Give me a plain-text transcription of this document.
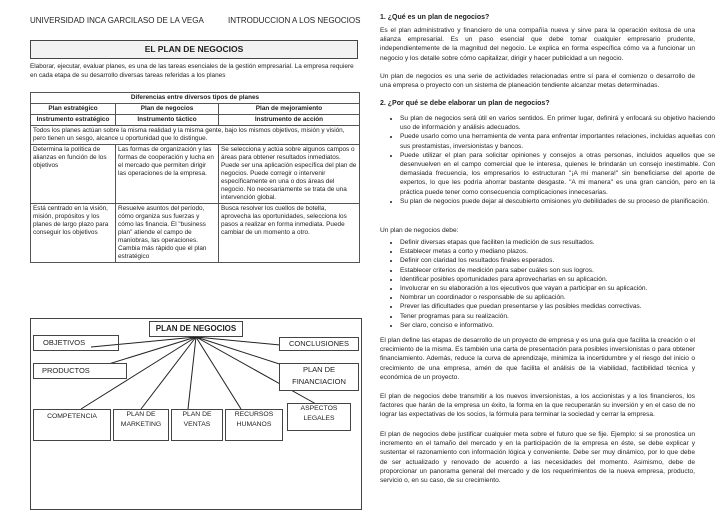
UNIVERSIDAD INCA GARCILASO DE LA VEGA	INTRODUCCION A LOS NEGOCIOS
EL PLAN DE NEGOCIOS
Elaborar, ejecutar, evaluar planes, es una de las tareas esenciales de la gestión empresarial. La empresa requiere en cada etapa de su desarrollo diversas tareas referidas a los planes
Diferencias entre diversos tipos de planes		
Plan estratégico	Plan de negocios	Plan de mejoramiento
Instrumento estratégico	Instrumento táctico	Instrumento de acción
Todos los planes actúan sobre la misma realidad y la misma gente, bajo los mismos objetivos, misión y visión, pero tienen un sesgo, alcance u oportunidad que lo distingue.		
Determina la política de alianzas en función de los objetivos	Las formas de organización y las formas de cooperación y lucha en el mercado que permiten dirigir las operaciones de la empresa.	Se selecciona y actúa sobre algunos campos o áreas para obtener resultados inmediatos. Puede ser una aplicación específica del plan de negocios. Puede corregir o intervenir específicamente en una o dos áreas del negocio. No necesariamente se trata de una intervención global.
Está centrado en la visión, misión, propósitos y los planes de largo plazo para conseguir los objetivos	Resuelve asuntos del período, cómo organiza sus fuerzas y cómo las financia. El "business plan" atiende el campo de maniobras, las operaciones. Cambia más rápido que el plan estratégico	Busca resolver los cuellos de botella, aprovecha las oportunidades, selecciona los pasos a realizar en forma inmediata. Puede cambiar de un momento a otro.
PLAN DE NEGOCIOS
OBJETIVOS	CONCLUSIONES
PRODUCTOS	PLAN DE FINANCIACION
COMPETENCIA	PLAN DE MARKETING
PLAN DE VENTAS
RECURSOS HUMANOS
ASPECTOS LEGALES
1. ¿Qué es un plan de negocios?
Es el plan administrativo y financiero de una compañía nueva y sirve para la operación exitosa de una alianza empresarial. Es un paso esencial que debe tomar cualquier empresario prudente, independientemente de la magnitud del negocio. Le explica en forma específica cómo va a funcionar un negocio y los detalle sobre cómo capitalizar, dirigir y hacer publicidad a un negocio.
Un plan de negocios es una serie de actividades relacionadas entre sí para el comienzo o desarrollo de una empresa o proyecto con un sistema de planeación tendiente alcanzar metas determinadas.
2. ¿Por qué se debe elaborar un plan de negocios?
• Su plan de negocios será útil en varios sentidos. En primer lugar, definirá y enfocará su objetivo haciendo uso de información y análisis adecuados.
• Puede usarlo como una herramienta de venta para enfrentar importantes relaciones, incluidas aquellas con sus prestamistas, inversionistas y bancos.
• Puede utilizar el plan para solicitar opiniones y consejos a otras personas, incluidos aquellos que se desenvuelven en el campo comercial que le interesa, quienes le brindarán un consejo inestimable. Con demasiada frecuencia, los empresarios lo estructuran "¡A mi manera!" sin beneficiarse del aporte de expertos, lo que les podría ahorrar bastante desgaste. "A mi manera" es una gran canción, pero en la práctica puede tener como consecuencia complicaciones innecesarias.
• Su plan de negocios puede dejar al descubierto omisiones y/o debilidades de su proceso de planificación.
Un plan de negocios debe:
• Definir diversas etapas que faciliten la medición de sus resultados.
• Establecer metas a corto y mediano plazos.
• Definir con claridad los resultados finales esperados.
• Establecer criterios de medición para saber cuáles son sus logros.
• Identificar posibles oportunidades para aprovecharlas en su aplicación.
• Involucrar en su elaboración a los ejecutivos que vayan a participar en su aplicación.
• Nombrar un coordinador o responsable de su aplicación.
• Prever las dificultades que puedan presentarse y las posibles medidas correctivas.
• Tener programas para su realización.
• Ser claro, conciso e informativo.
El plan define las etapas de desarrollo de un proyecto de empresa y es una guía que facilita la creación o el crecimiento de la misma. Es también una carta de presentación para posibles inversionistas o para obtener financiamiento. Además, reduce la curva de aprendizaje, minimiza la incertidumbre y el riesgo del inicio o crecimiento de una empresa, amén de que facilita el análisis de la viabilidad, factibilidad técnica y económica de un proyecto.
El plan de negocios debe transmitir a los nuevos inversionistas, a los accionistas y a los financieros, los factores que harán de la empresa un éxito, la forma en la que recuperarán su inversión y en el caso de no lograr las expectativas de los socios, la fórmula para terminar la sociedad y cerrar la empresa.
El plan de negocios debe justificar cualquier meta sobre el futuro que se fije. Ejemplo: si se pronostica un incremento en el tamaño del mercado y en la participación de la empresa en éste, se debe explicar y sustentar el razonamiento con información lógica y conveniente. Debe ser muy dinámico, por lo que debe de ser actualizado y renovado de acuerdo a las necesidades del momento. Asimismo, debe de proporcionar un panorama general del mercado y de los requerimientos de la nueva empresa, producto, servicio o, en su caso, de su crecimiento.
